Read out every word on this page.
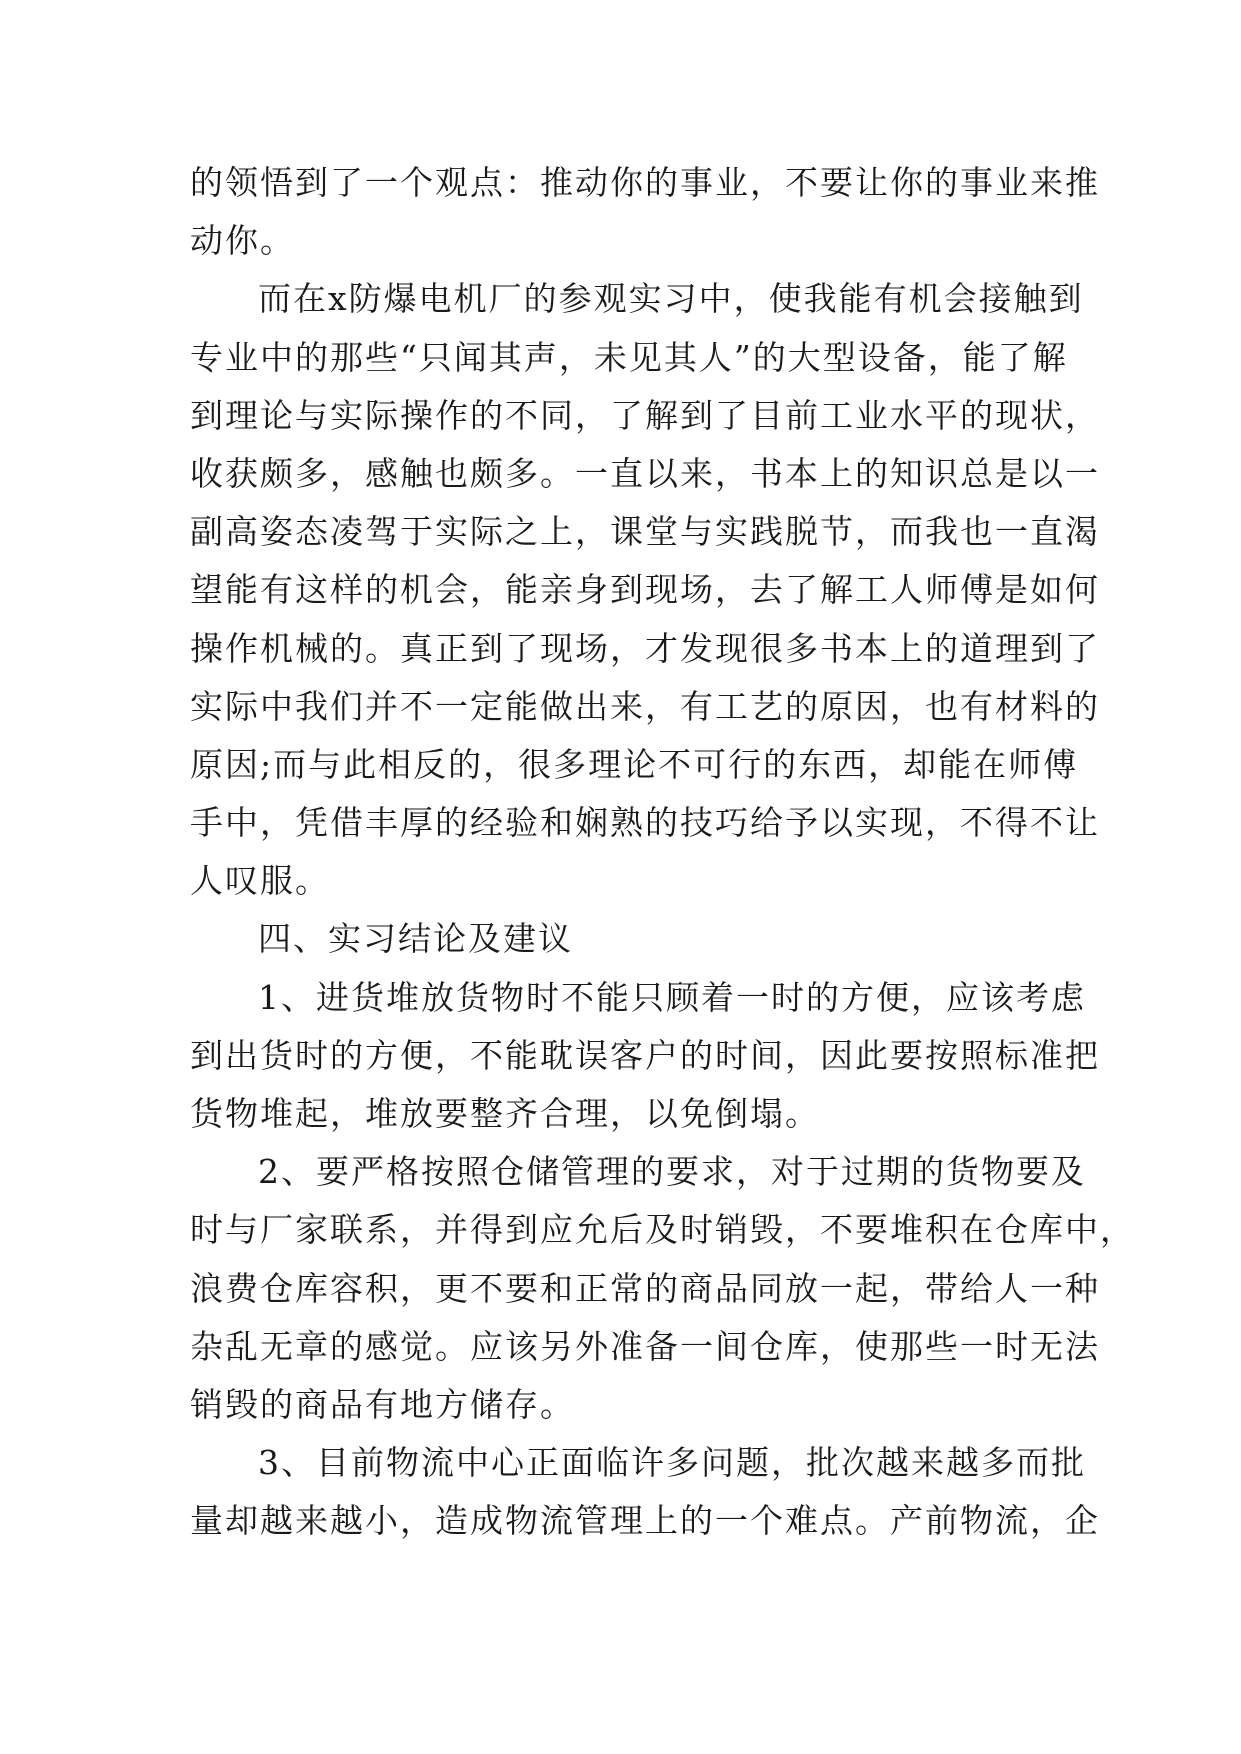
的领悟到了一个观点：推动你的事业，不要让你的事业来推
动你。
而在x防爆电机厂的参观实习中，使我能有机会接触到
专业中的那些“只闻其声，未见其人”的大型设备，能了解
到理论与实际操作的不同，了解到了目前工业水平的现状，
收获颇多，感触也颇多。一直以来，书本上的知识总是以一
副高姿态凌驾于实际之上，课堂与实践脱节，而我也一直渴
望能有这样的机会，能亲身到现场，去了解工人师傅是如何
操作机械的。真正到了现场，才发现很多书本上的道理到了
实际中我们并不一定能做出来，有工艺的原因，也有材料的
原因;而与此相反的，很多理论不可行的东西，却能在师傅
手中，凭借丰厚的经验和娴熟的技巧给予以实现，不得不让
人叹服。
四、实习结论及建议
1、进货堆放货物时不能只顾着一时的方便，应该考虑
到出货时的方便，不能耽误客户的时间，因此要按照标准把
货物堆起，堆放要整齐合理，以免倒塌。
2、要严格按照仓储管理的要求，对于过期的货物要及
时与厂家联系，并得到应允后及时销毁，不要堆积在仓库中，
浪费仓库容积，更不要和正常的商品同放一起，带给人一种
杂乱无章的感觉。应该另外准备一间仓库，使那些一时无法
销毁的商品有地方储存。
3、目前物流中心正面临许多问题，批次越来越多而批
量却越来越小，造成物流管理上的一个难点。产前物流，企
